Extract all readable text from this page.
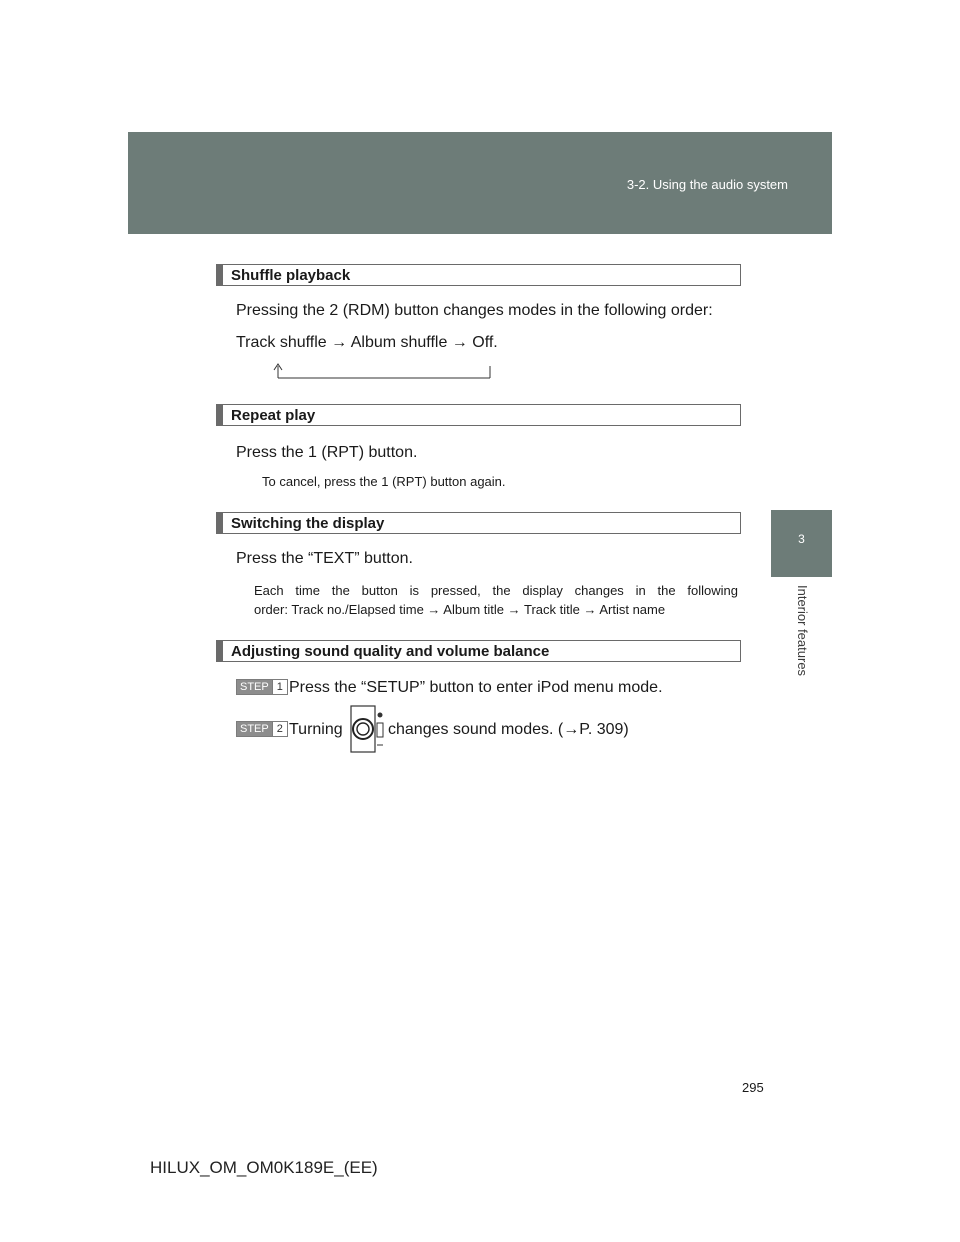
3-2. Using the audio system
3
Interior features
Shuffle playback
Pressing the 2 (RDM) button changes modes in the following order:
Track shuffle → Album shuffle → Off.
Repeat play
Press the 1 (RPT) button.
To cancel, press the 1 (RPT) button again.
Switching the display
Press the “TEXT” button.
Each time the button is pressed, the display changes in the following
order: Track no./Elapsed time → Album title → Track title → Artist name
Adjusting sound quality and volume balance
STEP 1 Press the “SETUP” button to enter iPod menu mode.
STEP 2 Turning	changes sound modes. (→P. 309)
295
HILUX_OM_OM0K189E_(EE)
